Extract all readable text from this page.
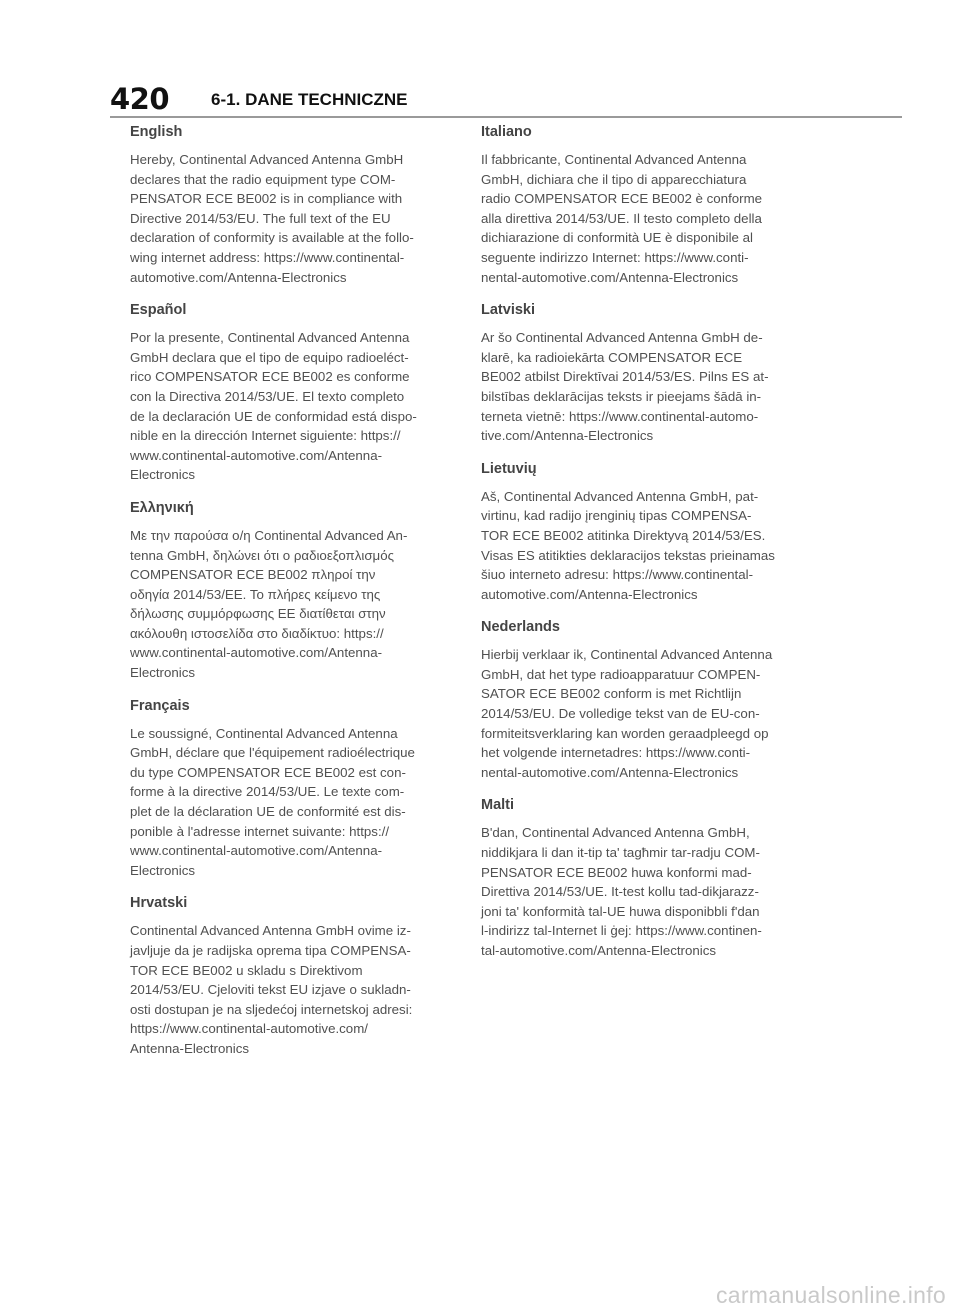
420 6-1. DANE TECHNICZNE
English

Hereby, Continental Advanced Antenna GmbH
declares that the radio equipment type COM-
PENSATOR ECE BE002 is in compliance with
Directive 2014/53/EU. The full text of the EU
declaration of conformity is available at the follo-
wing internet address: https://www.continental-
automotive.com/Antenna-Electronics

Español

Por la presente, Continental Advanced Antenna
GmbH declara que el tipo de equipo radioeléct-
rico COMPENSATOR ECE BE002 es conforme
con la Directiva 2014/53/UE. El texto completo
de la declaración UE de conformidad está dispo-
nible en la dirección Internet siguiente: https://
www.continental-automotive.com/Antenna-
Electronics

Ελληνική

Με την παρούσα ο/η Continental Advanced An-
tenna GmbH, δηλώνει ότι ο ραδιοεξοπλισμός
COMPENSATOR ECE BE002 πληροί την
οδηγία 2014/53/ΕΕ. Το πλήρες κείμενο της
δήλωσης συμμόρφωσης ΕΕ διατίθεται στην
ακόλουθη ιστοσελίδα στο διαδίκτυο: https://
www.continental-automotive.com/Antenna-
Electronics

Français

Le soussigné, Continental Advanced Antenna
GmbH, déclare que l'équipement radioélectrique
du type COMPENSATOR ECE BE002 est con-
forme à la directive 2014/53/UE. Le texte com-
plet de la déclaration UE de conformité est dis-
ponible à l'adresse internet suivante: https://
www.continental-automotive.com/Antenna-
Electronics

Hrvatski

Continental Advanced Antenna GmbH ovime iz-
javljuje da je radijska oprema tipa COMPENSA-
TOR ECE BE002 u skladu s Direktivom
2014/53/EU. Cjeloviti tekst EU izjave o sukladn-
osti dostupan je na sljedećoj internetskoj adresi:
https://www.continental-automotive.com/
Antenna-Electronics

Italiano

Il fabbricante, Continental Advanced Antenna
GmbH, dichiara che il tipo di apparecchiatura
radio COMPENSATOR ECE BE002 è conforme
alla direttiva 2014/53/UE. Il testo completo della
dichiarazione di conformità UE è disponibile al
seguente indirizzo Internet: https://www.conti-
nental-automotive.com/Antenna-Electronics

Latviski

Ar šo Continental Advanced Antenna GmbH de-
klarē, ka radioiekārta COMPENSATOR ECE
BE002 atbilst Direktīvai 2014/53/ES. Pilns ES at-
bilstības deklarācijas teksts ir pieejams šādā in-
terneta vietnē: https://www.continental-automo-
tive.com/Antenna-Electronics

Lietuvių

Aš, Continental Advanced Antenna GmbH, pat-
virtinu, kad radijo įrenginių tipas COMPENSA-
TOR ECE BE002 atitinka Direktyvą 2014/53/ES.
Visas ES atitikties deklaracijos tekstas prieinamas
šiuo interneto adresu: https://www.continental-
automotive.com/Antenna-Electronics

Nederlands

Hierbij verklaar ik, Continental Advanced Antenna
GmbH, dat het type radioapparatuur COMPEN-
SATOR ECE BE002 conform is met Richtlijn
2014/53/EU. De volledige tekst van de EU-con-
formiteitsverklaring kan worden geraadpleegd op
het volgende internetadres: https://www.conti-
nental-automotive.com/Antenna-Electronics

Malti

B'dan, Continental Advanced Antenna GmbH,
niddikjara li dan it-tip ta' tagħmir tar-radju COM-
PENSATOR ECE BE002 huwa konformi mad-
Direttiva 2014/53/UE. It-test kollu tad-dikjarazz-
joni ta' konformità tal-UE huwa disponibbli f'dan
l-indirizz tal-Internet li ġej: https://www.continen-
tal-automotive.com/Antenna-Electronics

carmanualsonline.info
